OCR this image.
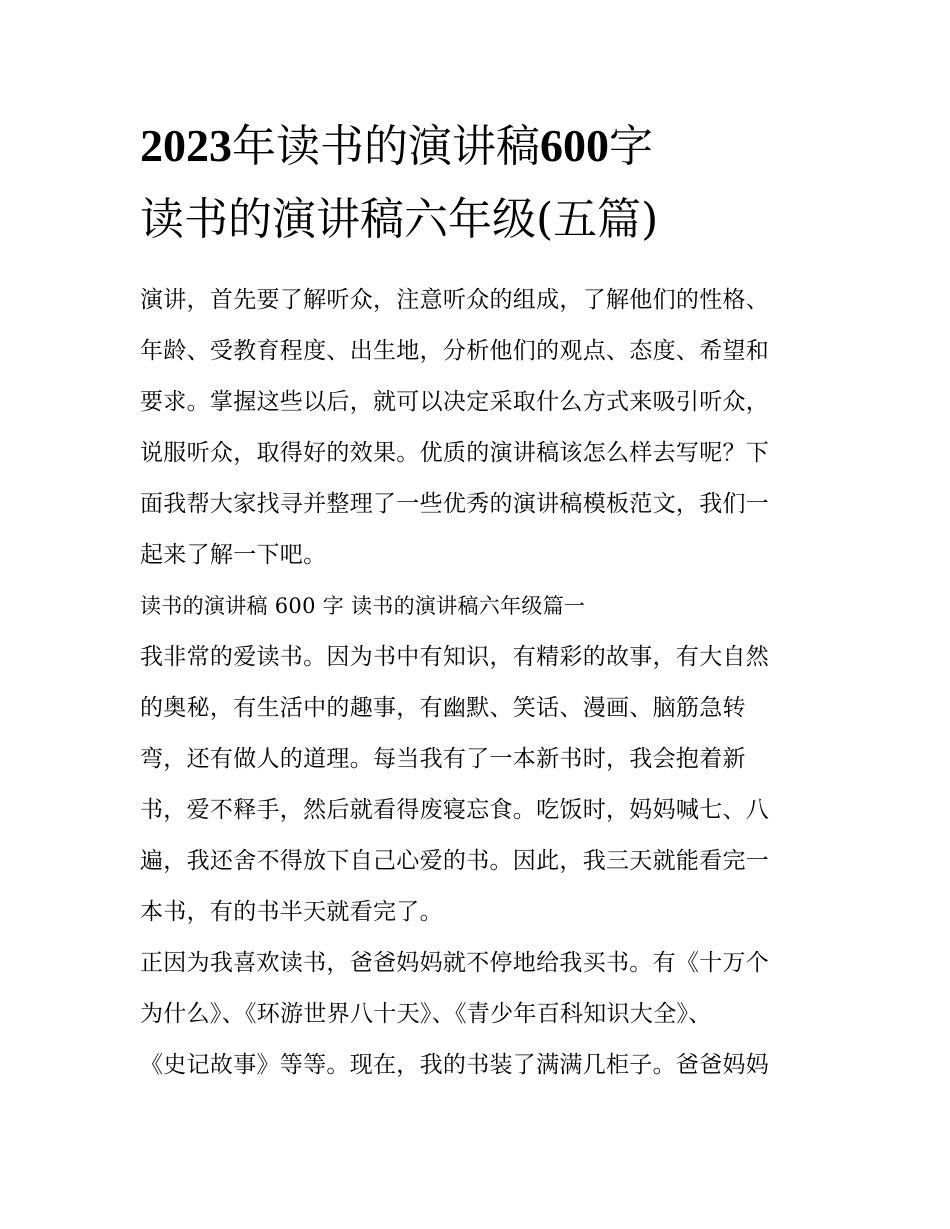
2023年读书的演讲稿600字
读书的演讲稿六年级(五篇)
演讲，首先要了解听众，注意听众的组成，了解他们的性格、
年龄、受教育程度、出生地，分析他们的观点、态度、希望和
要求。掌握这些以后，就可以决定采取什么方式来吸引听众，
说服听众，取得好的效果。优质的演讲稿该怎么样去写呢？下
面我帮大家找寻并整理了一些优秀的演讲稿模板范文，我们一
起来了解一下吧。
读书的演讲稿 600 字 读书的演讲稿六年级篇一
我非常的爱读书。因为书中有知识，有精彩的故事，有大自然
的奥秘，有生活中的趣事，有幽默、笑话、漫画、脑筋急转
弯，还有做人的道理。每当我有了一本新书时，我会抱着新
书，爱不释手，然后就看得废寝忘食。吃饭时，妈妈喊七、八
遍，我还舍不得放下自己心爱的书。因此，我三天就能看完一
本书，有的书半天就看完了。
正因为我喜欢读书，爸爸妈妈就不停地给我买书。有《十万个
为什么》、《环游世界八十天》、《青少年百科知识大全》、
《史记故事》等等。现在，我的书装了满满几柜子。爸爸妈妈
